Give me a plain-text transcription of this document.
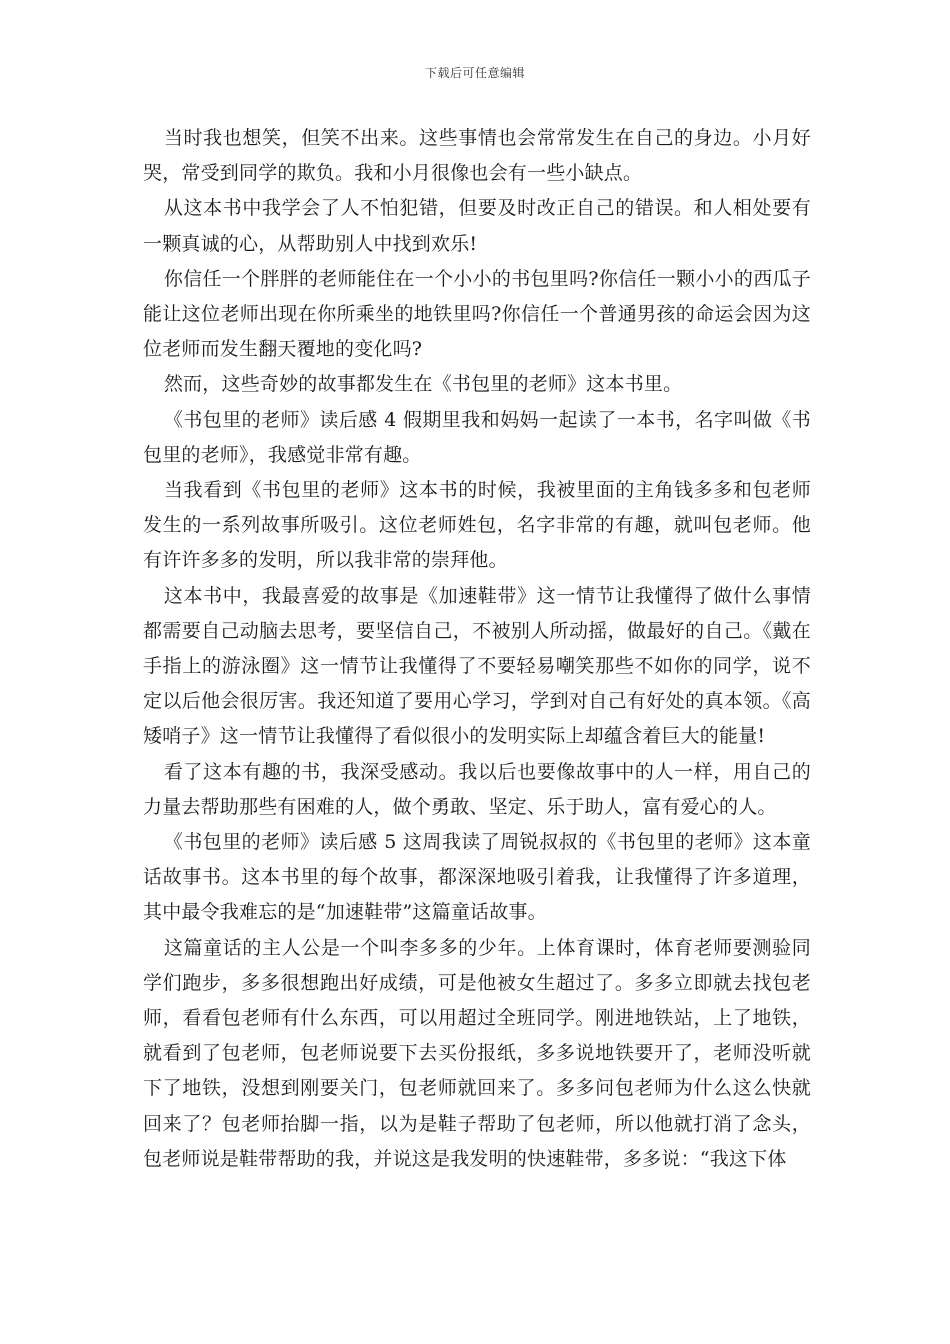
下载后可任意编辑

当时我也想笑，但笑不出来。这些事情也会常常发生在自己的身边。小月好哭，常受到同学的欺负。我和小月很像也会有一些小缺点。

从这本书中我学会了人不怕犯错，但要及时改正自己的错误。和人相处要有一颗真诚的心，从帮助别人中找到欢乐!

你信任一个胖胖的老师能住在一个小小的书包里吗?你信任一颗小小的西瓜子能让这位老师出现在你所乘坐的地铁里吗?你信任一个普通男孩的命运会因为这位老师而发生翻天覆地的变化吗?

然而，这些奇妙的故事都发生在《书包里的老师》这本书里。

《书包里的老师》读后感 4 假期里我和妈妈一起读了一本书，名字叫做《书包里的老师》，我感觉非常有趣。

当我看到《书包里的老师》这本书的时候，我被里面的主角钱多多和包老师发生的一系列故事所吸引。这位老师姓包，名字非常的有趣，就叫包老师。他有许许多多的发明，所以我非常的崇拜他。

这本书中，我最喜爱的故事是《加速鞋带》这一情节让我懂得了做什么事情都需要自己动脑去思考，要坚信自己，不被别人所动摇，做最好的自己。《戴在手指上的游泳圈》这一情节让我懂得了不要轻易嘲笑那些不如你的同学，说不定以后他会很厉害。我还知道了要用心学习，学到对自己有好处的真本领。《高矮哨子》这一情节让我懂得了看似很小的发明实际上却蕴含着巨大的能量!

看了这本有趣的书，我深受感动。我以后也要像故事中的人一样，用自己的力量去帮助那些有困难的人，做个勇敢、坚定、乐于助人，富有爱心的人。

《书包里的老师》读后感 5 这周我读了周锐叔叔的《书包里的老师》这本童话故事书。这本书里的每个故事，都深深地吸引着我，让我懂得了许多道理，其中最令我难忘的是“加速鞋带”这篇童话故事。

这篇童话的主人公是一个叫李多多的少年。上体育课时，体育老师要测验同学们跑步，多多很想跑出好成绩，可是他被女生超过了。多多立即就去找包老师，看看包老师有什么东西，可以用超过全班同学。刚进地铁站，上了地铁，就看到了包老师，包老师说要下去买份报纸，多多说地铁要开了，老师没听就下了地铁，没想到刚要关门，包老师就回来了。多多问包老师为什么这么快就回来了？包老师抬脚一指，以为是鞋子帮助了包老师，所以他就打消了念头，包老师说是鞋带帮助的我，并说这是我发明的快速鞋带，多多说：“我这下体
